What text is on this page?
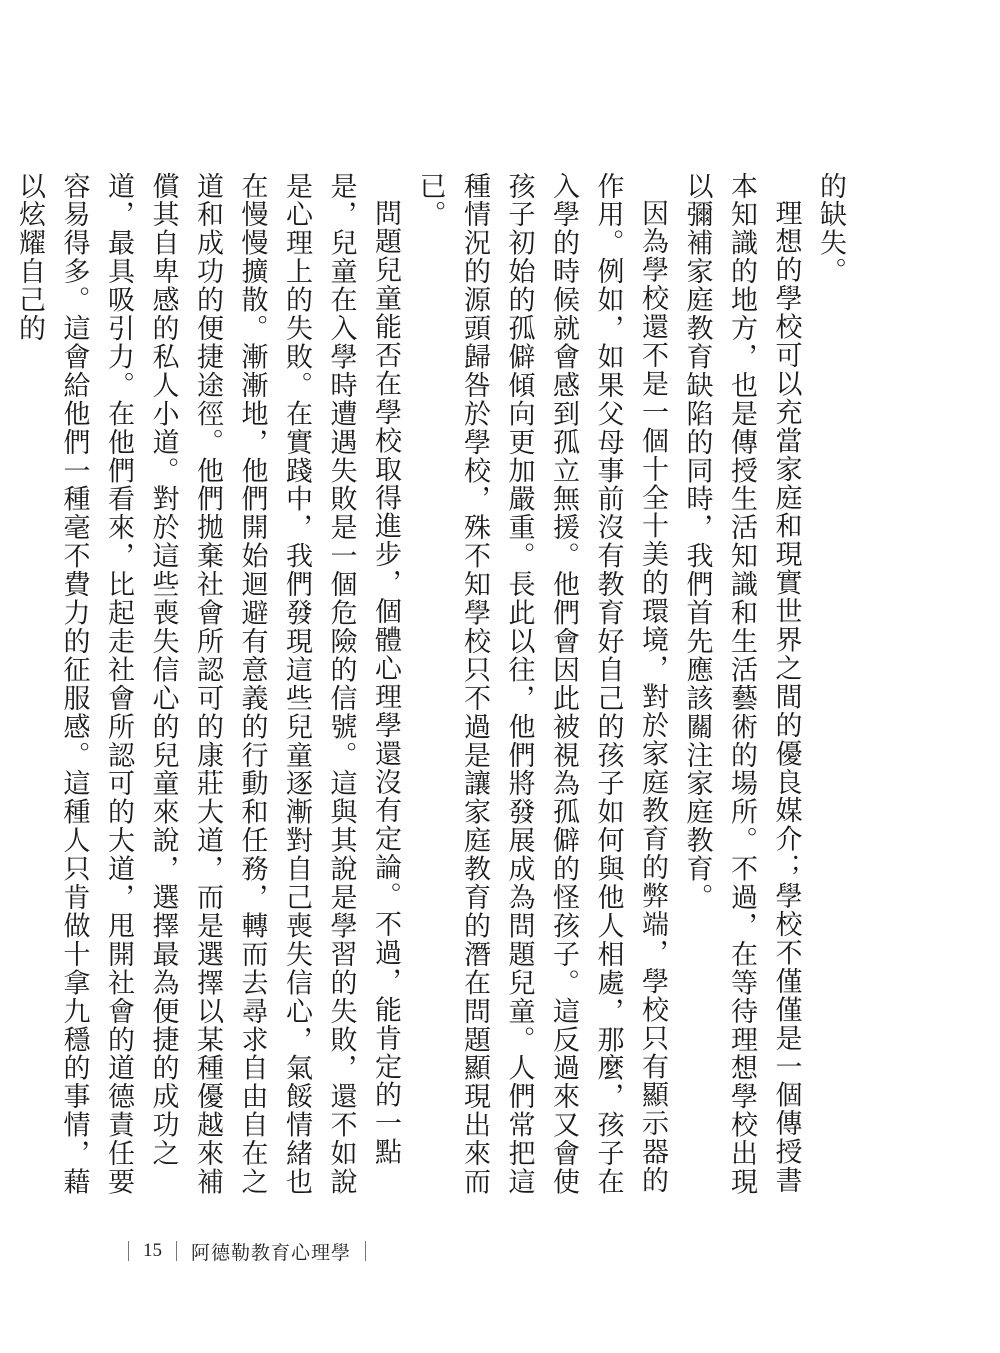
的缺失。

理想的學校可以充當家庭和現實世界之間的優良媒介；學校不僅僅是一個傳授書本知識的地方，也是傳授生活知識和生活藝術的場所。不過，在等待理想學校出現以彌補家庭教育缺陷的同時，我們首先應該關注家庭教育。

因為學校還不是一個十全十美的環境，對於家庭教育的弊端，學校只有顯示器的作用。例如，如果父母事前沒有教育好自己的孩子如何與他人相處，那麼，孩子在入學的時候就會感到孤立無援。他們會因此被視為孤僻的怪孩子。這反過來又會使孩子初始的孤僻傾向更加嚴重。長此以往，他們將發展成為問題兒童。人們常把這種情況的源頭歸咎於學校，殊不知學校只不過是讓家庭教育的潛在問題顯現出來而已。

問題兒童能否在學校取得進步，個體心理學還沒有定論。不過，能肯定的一點是，兒童在入學時遭遇失敗是一個危險的信號。這與其說是學習的失敗，還不如說是心理上的失敗。在實踐中，我們發現這些兒童逐漸對自己喪失信心，氣餒情緒也在慢慢擴散。漸漸地，他們開始迴避有意義的行動和任務，轉而去尋求自由自在之道和成功的便捷途徑。他們拋棄社會所認可的康莊大道，而是選擇以某種優越來補償其自卑感的私人小道。對於這些喪失信心的兒童來說，選擇最為便捷的成功之道，最具吸引力。在他們看來，比起走社會所認可的大道，甩開社會的道德責任要容易得多。這會給他們一種毫不費力的征服感。這種人只肯做十拿九穩的事情，藉以炫耀自己的

15 阿德勒教育心理學
